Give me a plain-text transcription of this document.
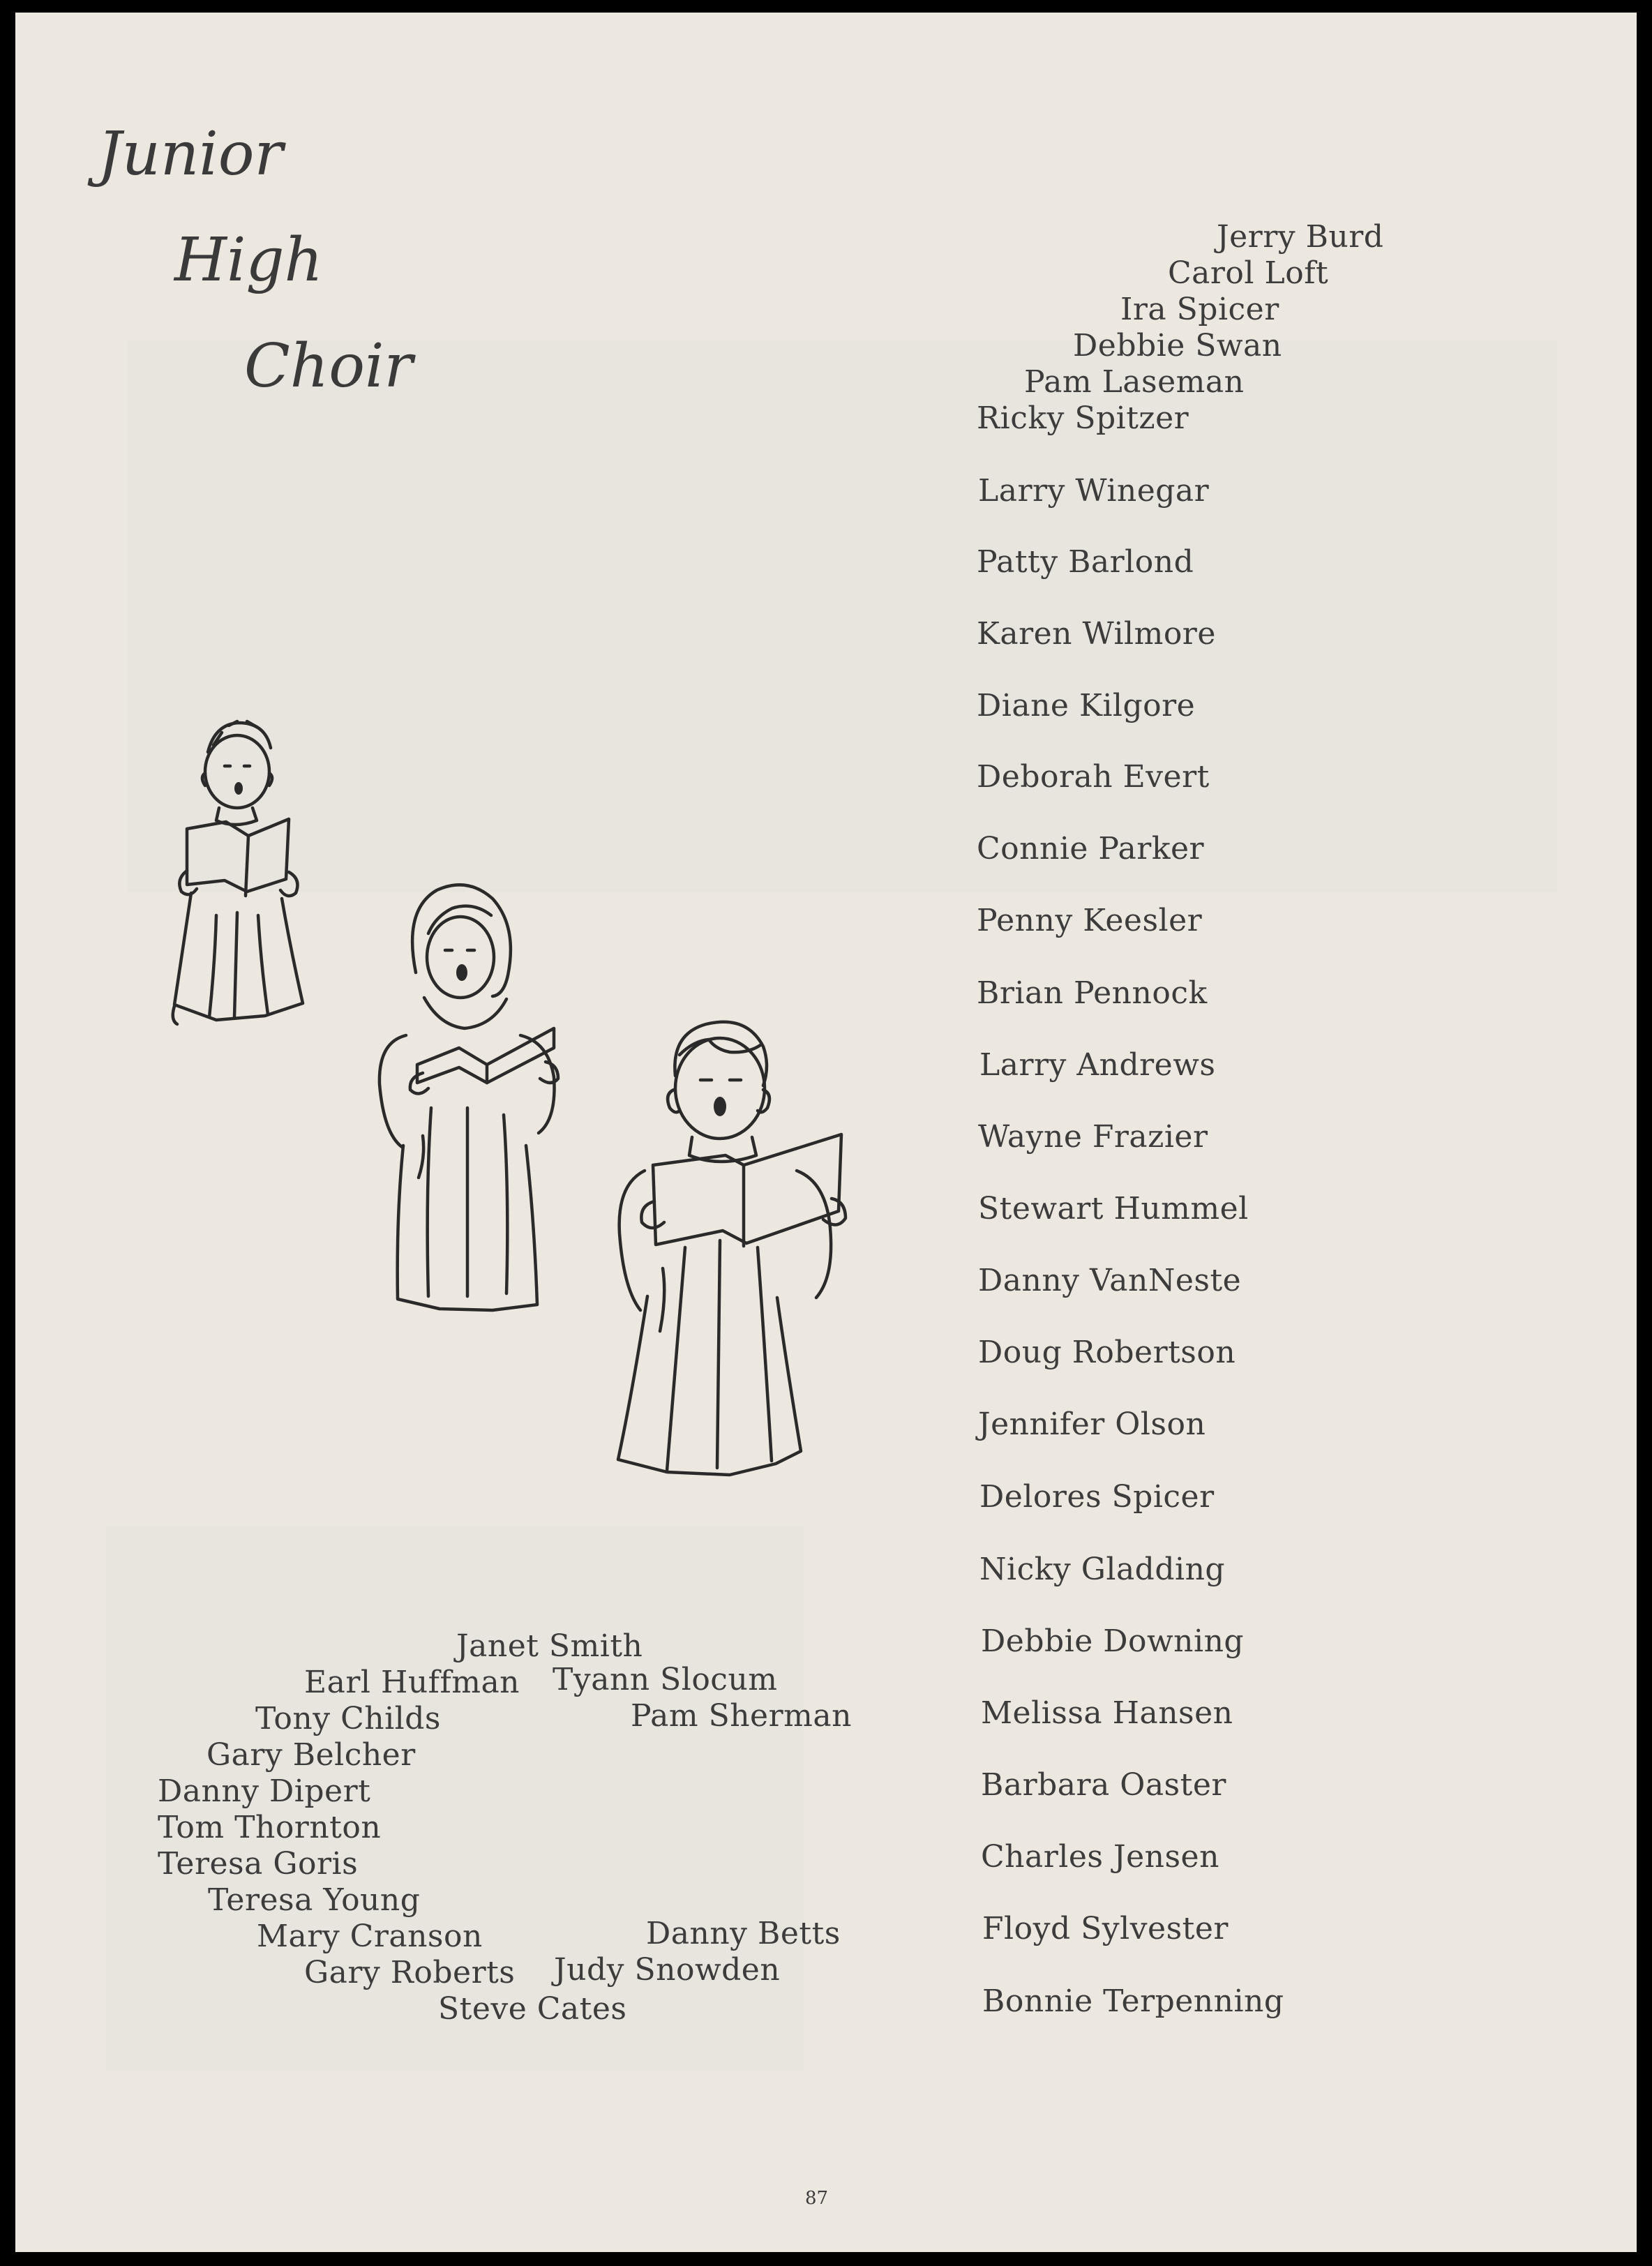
Junior
High
Choir
Jerry Burd
Carol Loft
Ira Spicer
Debbie Swan
Pam Laseman
Ricky Spitzer
Larry Winegar
Patty Barlond
Karen Wilmore
Diane Kilgore
Deborah Evert
Connie Parker
Penny Keesler
Brian Pennock
Larry Andrews
Wayne Frazier
Stewart Hummel
Danny VanNeste
Doug Robertson
Jennifer Olson
Delores Spicer
Nicky Gladding
Debbie Downing
Melissa Hansen
Barbara Oaster
Charles Jensen
Floyd Sylvester
Bonnie Terpenning
Janet Smith
Earl Huffman Tyann Slocum
Tony Childs	Pam Sherman
Gary Belcher
Danny Dipert
Tom Thornton
Teresa Goris
Teresa Young
Mary Cranson	Danny Betts
Gary Roberts Judy Snowden
Steve Cates
87
